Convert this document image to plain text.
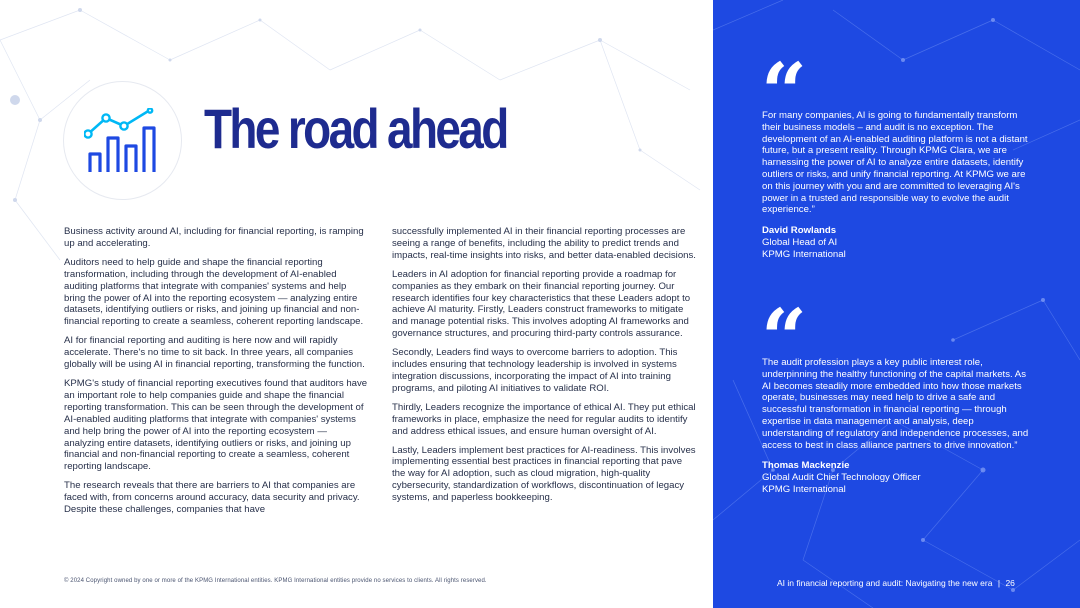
The road ahead

Business activity around AI, including for financial reporting, is ramping up and accelerating.

Auditors need to help guide and shape the financial reporting transformation, including through the development of AI-enabled auditing platforms that integrate with companies' systems and help bring the power of AI into the reporting ecosystem — analyzing entire datasets, identifying outliers or risks, and joining up financial and non-financial reporting to create a seamless, coherent reporting landscape.

AI for financial reporting and auditing is here now and will rapidly accelerate. There's no time to sit back. In three years, all companies globally will be using AI in financial reporting, transforming the function.

KPMG's study of financial reporting executives found that auditors have an important role to help companies guide and shape the financial reporting transformation. This can be seen through the development of AI-enabled auditing platforms that integrate with companies' systems and help bring the power of AI into the reporting ecosystem — analyzing entire datasets, identifying outliers or risks, and joining up financial and non-financial reporting to create a seamless, coherent reporting landscape.

The research reveals that there are barriers to AI that companies are faced with, from concerns around accuracy, data security and privacy. Despite these challenges, companies that have

successfully implemented AI in their financial reporting processes are seeing a range of benefits, including the ability to predict trends and impacts, real-time insights into risks, and better data-enabled decisions.

Leaders in AI adoption for financial reporting provide a roadmap for companies as they embark on their financial reporting journey. Our research identifies four key characteristics that these Leaders adopt to achieve AI maturity. Firstly, Leaders construct frameworks to mitigate and manage potential risks. This involves adopting AI frameworks and governance structures, and procuring third-party controls assurance.

Secondly, Leaders find ways to overcome barriers to adoption. This includes ensuring that technology leadership is involved in systems integration discussions, incorporating the impact of AI into training programs, and piloting AI initiatives to validate ROI.

Thirdly, Leaders recognize the importance of ethical AI. They put ethical frameworks in place, emphasize the need for regular audits to identify and address ethical issues, and ensure human oversight of AI.

Lastly, Leaders implement best practices for AI-readiness. This involves implementing essential best practices in financial reporting that pave the way for AI adoption, such as cloud migration, high-quality cybersecurity, standardization of workflows, discontinuation of legacy systems, and paperless bookkeeping.

© 2024 Copyright owned by one or more of the KPMG International entities. KPMG International entities provide no services to clients. All rights reserved.
“
For many companies, AI is going to fundamentally transform their business models – and audit is no exception. The development of an AI-enabled auditing platform is not a distant future, but a present reality. Through KPMG Clara, we are harnessing the power of AI to analyze entire datasets, identify outliers or risks, and unify financial reporting. At KPMG we are on this journey with you and are committed to leveraging AI's power in a trusted and responsible way to evolve the audit experience.”
David Rowlands
Global Head of AI
KPMG International
“
The audit profession plays a key public interest role, underpinning the healthy functioning of the capital markets. As AI becomes steadily more embedded into how those markets operate, businesses may need help to drive a safe and successful transformation in financial reporting — through expertise in data management and analysis, deep understanding of regulatory and independence processes, and access to best in class alliance partners to drive innovation.”
Thomas Mackenzie
Global Audit Chief Technology Officer
KPMG International
AI in financial reporting and audit: Navigating the new era | 26
